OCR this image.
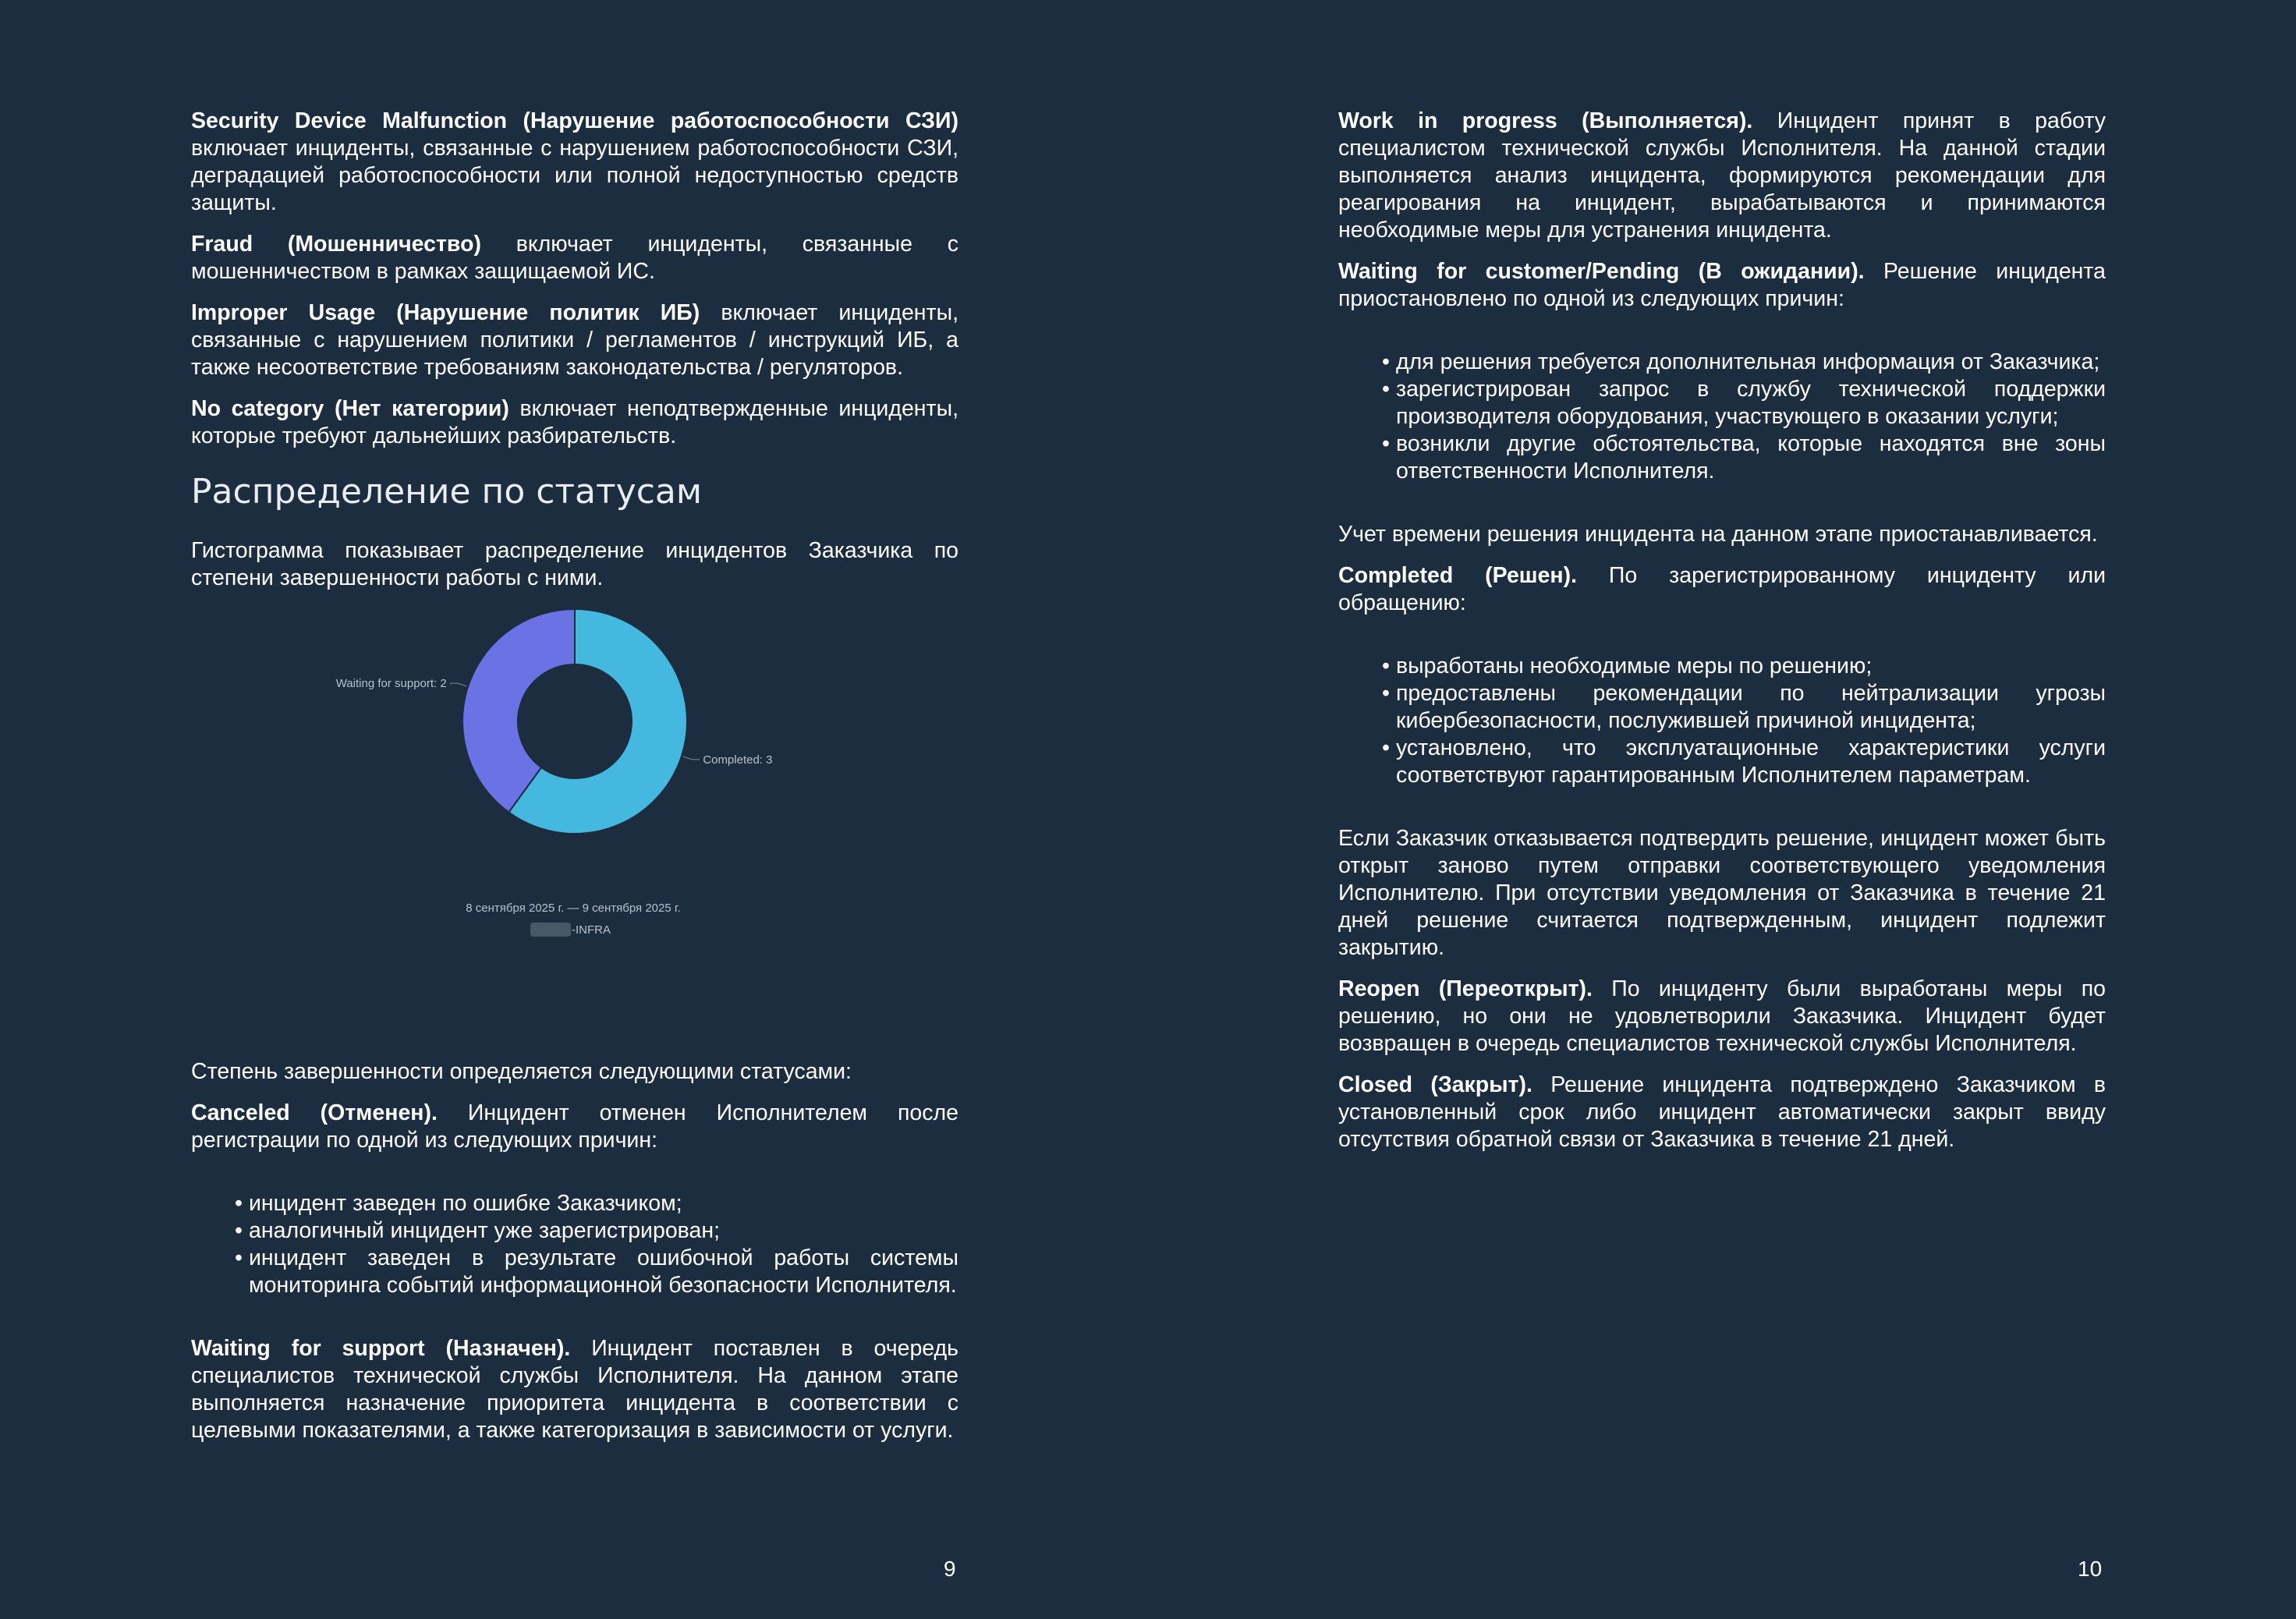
Security Device Malfunction (Нарушение работоспособности СЗИ) включает инциденты, связанные с нарушением работоспособности СЗИ, деградацией работоспособности или полной недоступностью средств защиты.

Fraud (Мошенничество) включает инциденты, связанные с мошенничеством в рамках защищаемой ИС.

Improper Usage (Нарушение политик ИБ) включает инциденты, связанные с нарушением политики / регламентов / инструкций ИБ, а также несоответствие требованиям законодательства / регуляторов.

No category (Нет категории) включает неподтвержденные инциденты, которые требуют дальнейших разбирательств.

Распределение по статусам

Гистограмма показывает распределение инцидентов Заказчика по степени завершенности работы с ними.

Completed: 3
Waiting for support: 2
8 сентября 2025 г. — 9 сентября 2025 г.
-INFRA

Степень завершенности определяется следующими статусами:

Canceled (Отменен). Инцидент отменен Исполнителем после регистрации по одной из следующих причин:

• инцидент заведен по ошибке Заказчиком;
• аналогичный инцидент уже зарегистрирован;
• инцидент заведен в результате ошибочной работы системы мониторинга событий информационной безопасности Исполнителя.

Waiting for support (Назначен). Инцидент поставлен в очередь специалистов технической службы Исполнителя. На данном этапе выполняется назначение приоритета инцидента в соответствии с целевыми показателями, а также категоризация в зависимости от услуги.

9

Work in progress (Выполняется). Инцидент принят в работу специалистом технической службы Исполнителя. На данной стадии выполняется анализ инцидента, формируются рекомендации для реагирования на инцидент, вырабатываются и принимаются необходимые меры для устранения инцидента.

Waiting for customer/Pending (В ожидании). Решение инцидента приостановлено по одной из следующих причин:

• для решения требуется дополнительная информация от Заказчика;
• зарегистрирован запрос в службу технической поддержки производителя оборудования, участвующего в оказании услуги;
• возникли другие обстоятельства, которые находятся вне зоны ответственности Исполнителя.

Учет времени решения инцидента на данном этапе приостанавливается.

Completed (Решен). По зарегистрированному инциденту или обращению:

• выработаны необходимые меры по решению;
• предоставлены рекомендации по нейтрализации угрозы кибербезопасности, послужившей причиной инцидента;
• установлено, что эксплуатационные характеристики услуги соответствуют гарантированным Исполнителем параметрам.

Если Заказчик отказывается подтвердить решение, инцидент может быть открыт заново путем отправки соответствующего уведомления Исполнителю. При отсутствии уведомления от Заказчика в течение 21 дней решение считается подтвержденным, инцидент подлежит закрытию.

Reopen (Переоткрыт). По инциденту были выработаны меры по решению, но они не удовлетворили Заказчика. Инцидент будет возвращен в очередь специалистов технической службы Исполнителя.

Closed (Закрыт). Решение инцидента подтверждено Заказчиком в установленный срок либо инцидент автоматически закрыт ввиду отсутствия обратной связи от Заказчика в течение 21 дней.

10
